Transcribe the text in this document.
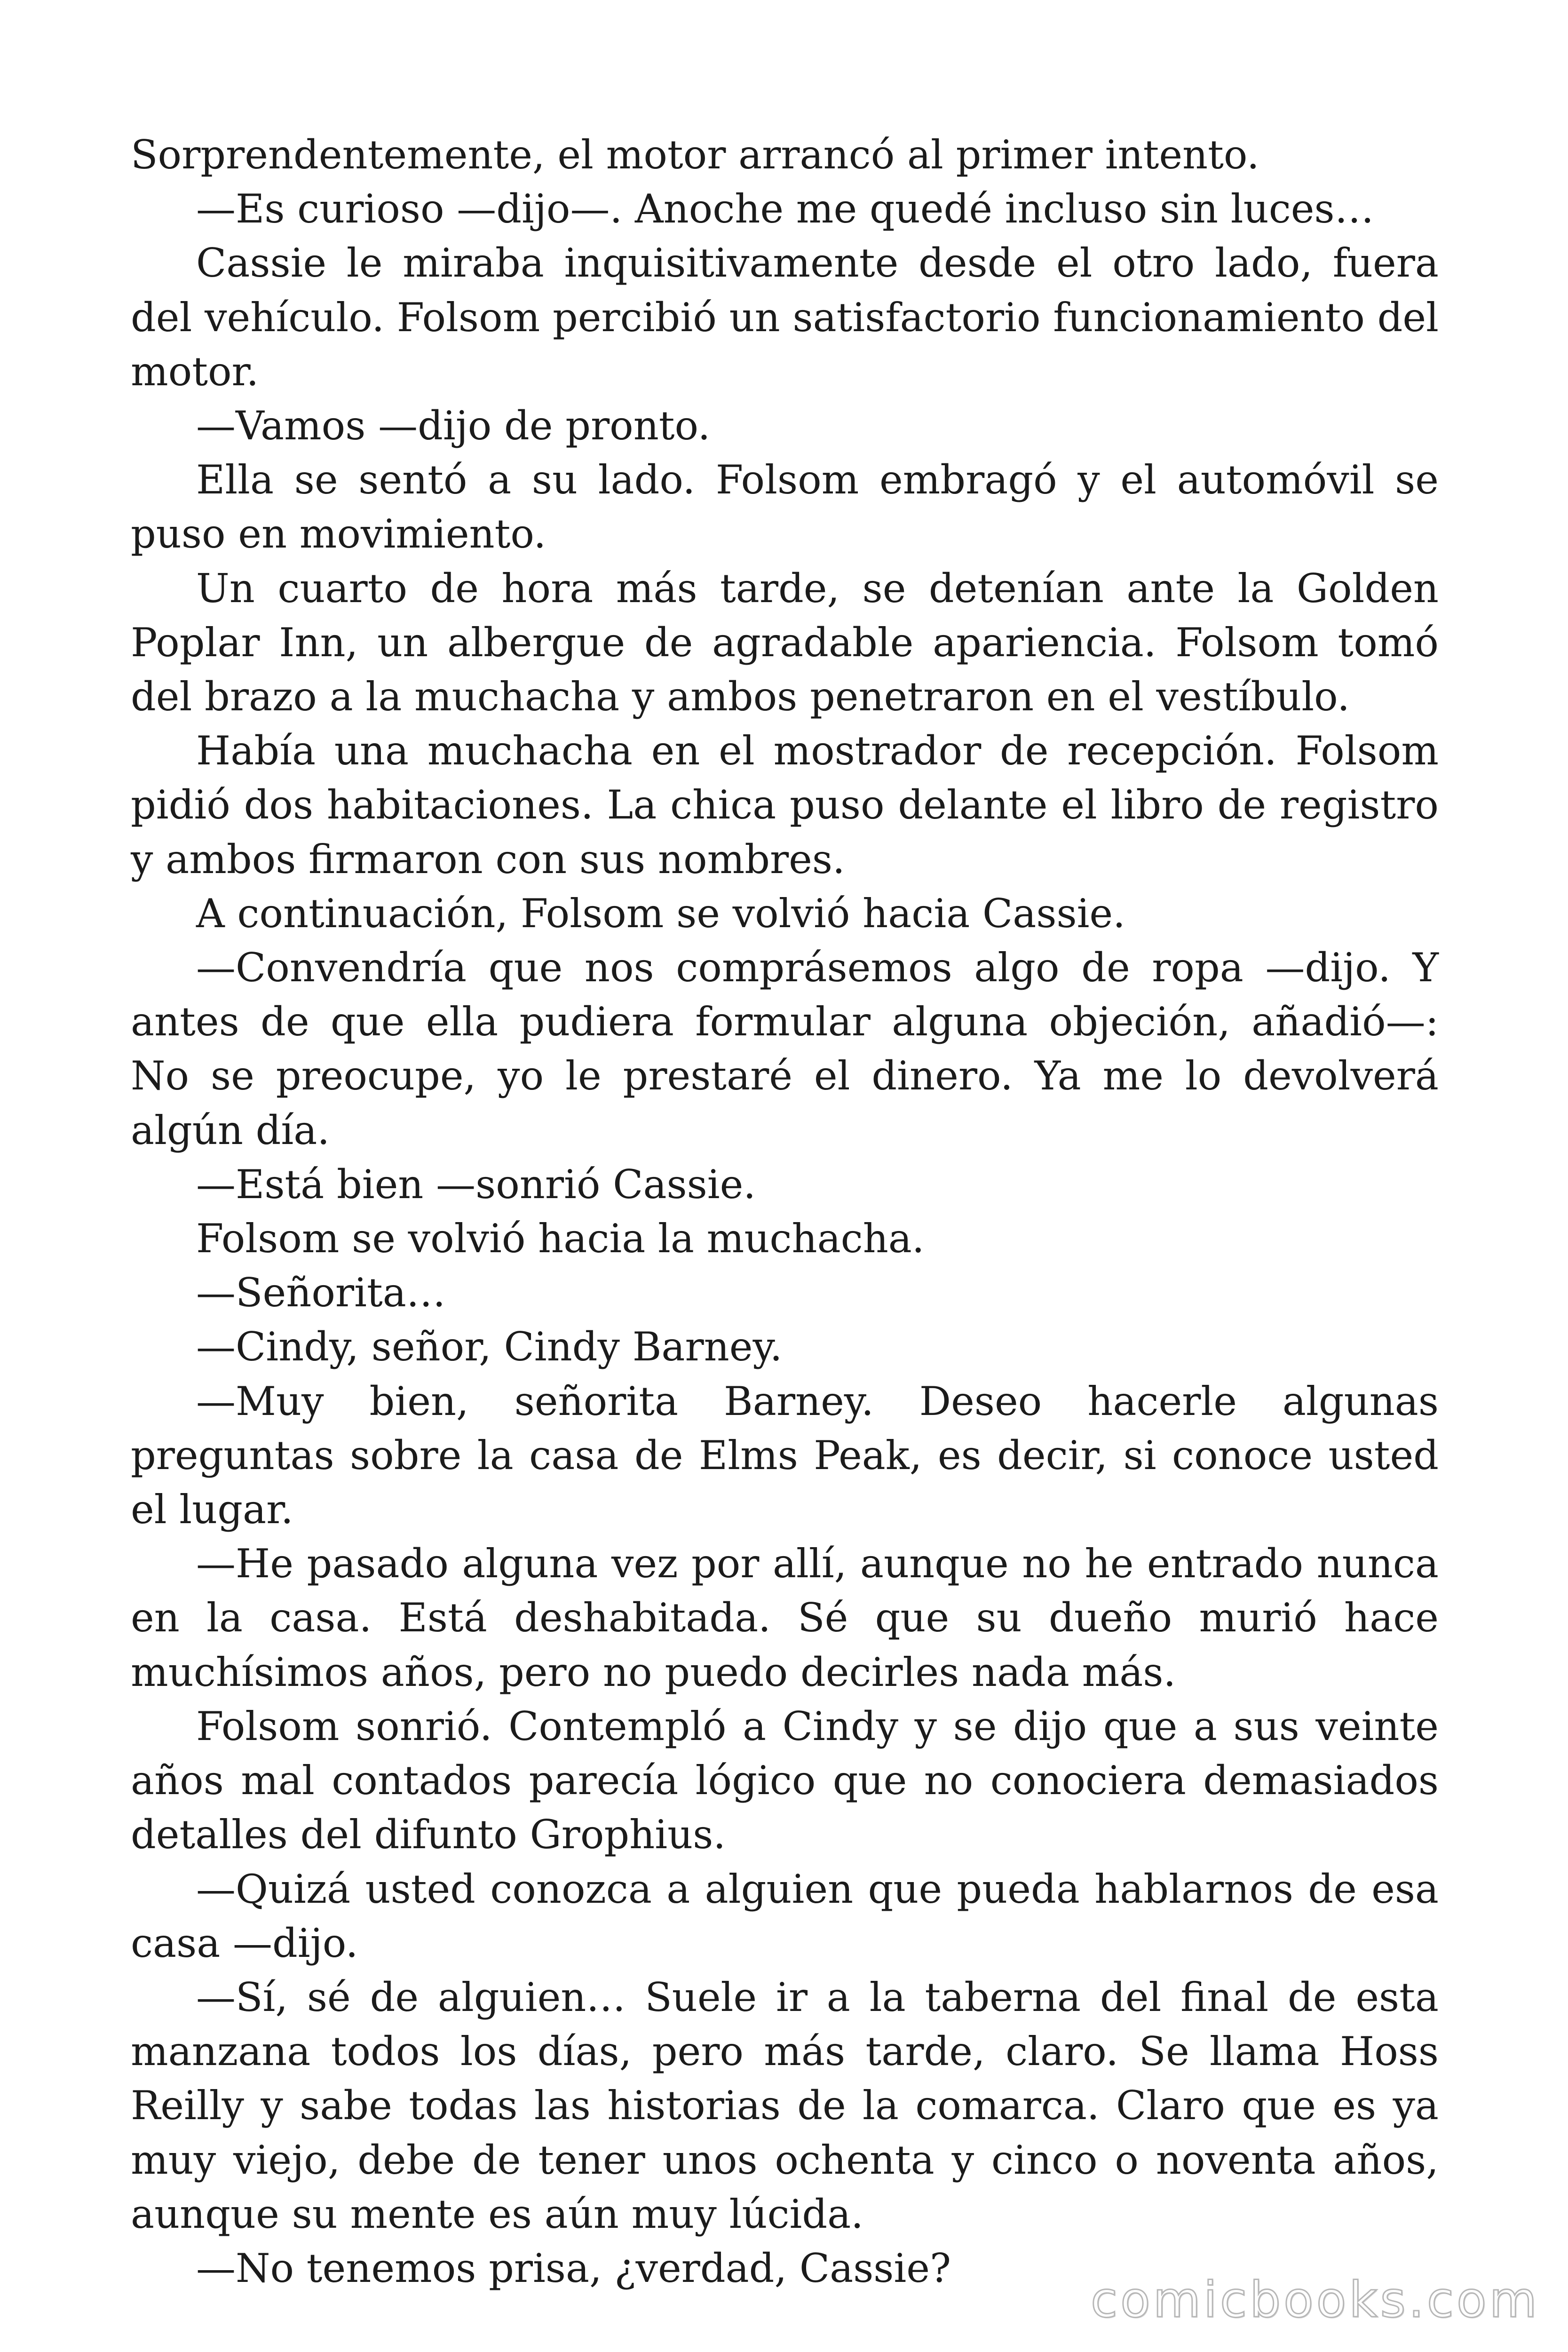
Sorprendentemente, el motor arrancó al primer intento.

—Es curioso —dijo—. Anoche me quedé incluso sin luces…

Cassie le miraba inquisitivamente desde el otro lado, fuera del vehículo. Folsom percibió un satisfactorio funcionamiento del motor.

—Vamos —dijo de pronto.

Ella se sentó a su lado. Folsom embragó y el automóvil se puso en movimiento.

Un cuarto de hora más tarde, se detenían ante la Golden Poplar Inn, un albergue de agradable apariencia. Folsom tomó del brazo a la muchacha y ambos penetraron en el vestíbulo.

Había una muchacha en el mostrador de recepción. Folsom pidió dos habitaciones. La chica puso delante el libro de registro y ambos firmaron con sus nombres.

A continuación, Folsom se volvió hacia Cassie.

—Convendría que nos comprásemos algo de ropa —dijo. Y antes de que ella pudiera formular alguna objeción, añadió—: No se preocupe, yo le prestaré el dinero. Ya me lo devolverá algún día.

—Está bien —sonrió Cassie.

Folsom se volvió hacia la muchacha.

—Señorita…

—Cindy, señor, Cindy Barney.

—Muy bien, señorita Barney. Deseo hacerle algunas preguntas sobre la casa de Elms Peak, es decir, si conoce usted el lugar.

—He pasado alguna vez por allí, aunque no he entrado nunca en la casa. Está deshabitada. Sé que su dueño murió hace muchísimos años, pero no puedo decirles nada más.

Folsom sonrió. Contempló a Cindy y se dijo que a sus veinte años mal contados parecía lógico que no conociera demasiados detalles del difunto Grophius.

—Quizá usted conozca a alguien que pueda hablarnos de esa casa —dijo.

—Sí, sé de alguien… Suele ir a la taberna del final de esta manzana todos los días, pero más tarde, claro. Se llama Hoss Reilly y sabe todas las historias de la comarca. Claro que es ya muy viejo, debe de tener unos ochenta y cinco o noventa años, aunque su mente es aún muy lúcida.

—No tenemos prisa, ¿verdad, Cassie?

comicbooks.com
